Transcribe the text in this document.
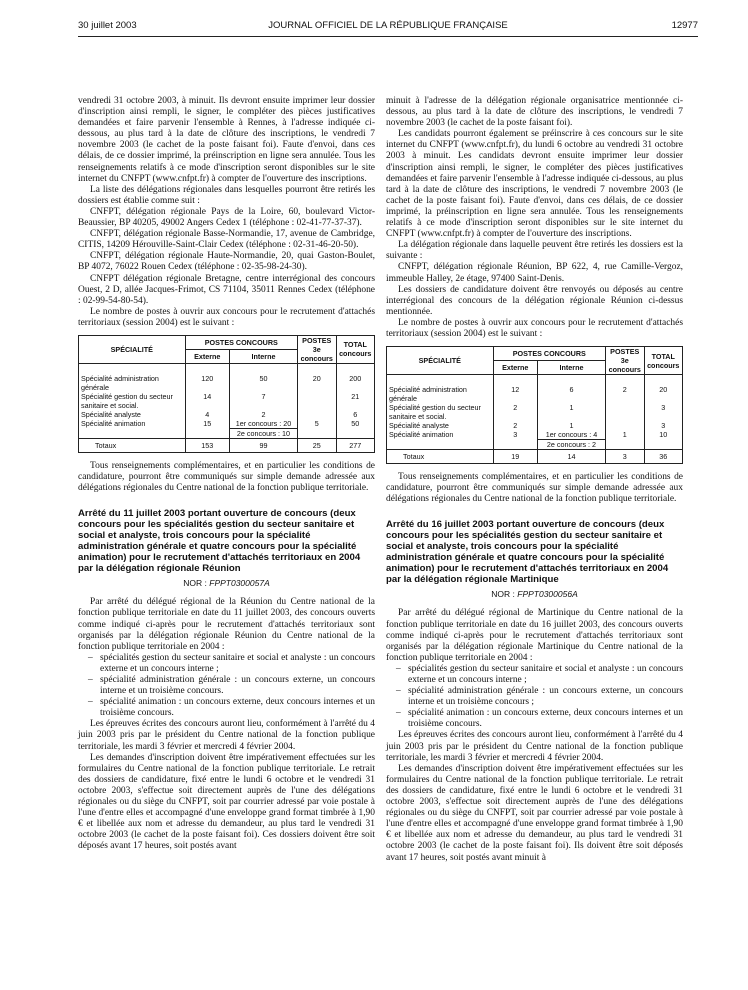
30 juillet 2003	JOURNAL OFFICIEL DE LA RÉPUBLIQUE FRANÇAISE	12977

vendredi 31 octobre 2003, à minuit. Ils devront ensuite imprimer leur dossier d'inscription ainsi rempli, le signer, le compléter des pièces justificatives demandées et faire parvenir l'ensemble à Rennes, à l'adresse indiquée ci-dessous, au plus tard à la date de clôture des inscriptions, le vendredi 7 novembre 2003 (le cachet de la poste faisant foi). Faute d'envoi, dans ces délais, de ce dossier imprimé, la préinscription en ligne sera annulée. Tous les renseignements relatifs à ce mode d'inscription seront disponibles sur le site internet du CNFPT (www.cnfpt.fr) à compter de l'ouverture des inscriptions.

La liste des délégations régionales dans lesquelles pourront être retirés les dossiers est établie comme suit :

CNFPT, délégation régionale Pays de la Loire, 60, boulevard Victor-Beaussier, BP 40205, 49002 Angers Cedex 1 (téléphone : 02-41-77-37-37).

CNFPT, délégation régionale Basse-Normandie, 17, avenue de Cambridge, CITIS, 14209 Hérouville-Saint-Clair Cedex (téléphone : 02-31-46-20-50).

CNFPT, délégation régionale Haute-Normandie, 20, quai Gaston-Boulet, BP 4072, 76022 Rouen Cedex (téléphone : 02-35-98-24-30).

CNFPT délégation régionale Bretagne, centre interrégional des concours Ouest, 2 D, allée Jacques-Frimot, CS 71104, 35011 Rennes Cedex (téléphone : 02-99-54-80-54).

Le nombre de postes à ouvrir aux concours pour le recrutement d'attachés territoriaux (session 2004) est le suivant :

SPÉCIALITÉ	POSTES CONCOURS		POSTES 3e concours	TOTAL concours
	Externe	Interne		

Spécialité administration générale	120	50	20	200
Spécialité gestion du secteur sanitaire et social.	14	7		21
Spécialité analyste	4	2		6
Spécialité animation	15	1er concours : 20	5	50
		2e concours : 10		
Totaux	153	99	25	277

Tous renseignements complémentaires, et en particulier les conditions de candidature, pourront être communiqués sur simple demande adressée aux délégations régionales du Centre national de la fonction publique territoriale.

Arrêté du 11 juillet 2003 portant ouverture de concours (deux concours pour les spécialités gestion du secteur sanitaire et social et analyste, trois concours pour la spécialité administration générale et quatre concours pour la spécialité animation) pour le recrutement d'attachés territoriaux en 2004 par la délégation régionale Réunion
NOR : FPPT0300057A

Par arrêté du délégué régional de la Réunion du Centre national de la fonction publique territoriale en date du 11 juillet 2003, des concours ouverts comme indiqué ci-après pour le recrutement d'attachés territoriaux sont organisés par la délégation régionale Réunion du Centre national de la fonction publique territoriale en 2004 :

– spécialités gestion du secteur sanitaire et social et analyste : un concours externe et un concours interne ;
– spécialité administration générale : un concours externe, un concours interne et un troisième concours.
– spécialité animation : un concours externe, deux concours internes et un troisième concours.

Les épreuves écrites des concours auront lieu, conformément à l'arrêté du 4 juin 2003 pris par le président du Centre national de la fonction publique territoriale, les mardi 3 février et mercredi 4 février 2004.

Les demandes d'inscription doivent être impérativement effectuées sur les formulaires du Centre national de la fonction publique territoriale. Le retrait des dossiers de candidature, fixé entre le lundi 6 octobre et le vendredi 31 octobre 2003, s'effectue soit directement auprès de l'une des délégations régionales ou du siège du CNFPT, soit par courrier adressé par voie postale à l'une d'entre elles et accompagné d'une enveloppe grand format timbrée à 1,90 € et libellée aux nom et adresse du demandeur, au plus tard le vendredi 31 octobre 2003 (le cachet de la poste faisant foi). Ces dossiers doivent être soit déposés avant 17 heures, soit postés avant

minuit à l'adresse de la délégation régionale organisatrice mentionnée ci-dessous, au plus tard à la date de clôture des inscriptions, le vendredi 7 novembre 2003 (le cachet de la poste faisant foi).

Les candidats pourront également se préinscrire à ces concours sur le site internet du CNFPT (www.cnfpt.fr), du lundi 6 octobre au vendredi 31 octobre 2003 à minuit. Les candidats devront ensuite imprimer leur dossier d'inscription ainsi rempli, le signer, le compléter des pièces justificatives demandées et faire parvenir l'ensemble à l'adresse indiquée ci-dessous, au plus tard à la date de clôture des inscriptions, le vendredi 7 novembre 2003 (le cachet de la poste faisant foi). Faute d'envoi, dans ces délais, de ce dossier imprimé, la préinscription en ligne sera annulée. Tous les renseignements relatifs à ce mode d'inscription seront disponibles sur le site internet du CNFPT (www.cnfpt.fr) à compter de l'ouverture des inscriptions.

La délégation régionale dans laquelle peuvent être retirés les dossiers est la suivante :

CNFPT, délégation régionale Réunion, BP 622, 4, rue Camille-Vergoz, immeuble Halley, 2e étage, 97400 Saint-Denis.

Les dossiers de candidature doivent être renvoyés ou déposés au centre interrégional des concours de la délégation régionale Réunion ci-dessus mentionnée.

Le nombre de postes à ouvrir aux concours pour le recrutement d'attachés territoriaux (session 2004) est le suivant :

SPÉCIALITÉ	POSTES CONCOURS		POSTES 3e concours	TOTAL concours
	Externe	Interne		

Spécialité administration générale	12	6	2	20
Spécialité gestion du secteur sanitaire et social.	2	1		3
Spécialité analyste	2	1		3
Spécialité animation	3	1er concours : 4	1	10
		2e concours : 2		
Totaux	19	14	3	36

Tous renseignements complémentaires, et en particulier les conditions de candidature, pourront être communiqués sur simple demande adressée aux délégations régionales du Centre national de la fonction publique territoriale.

Arrêté du 16 juillet 2003 portant ouverture de concours (deux concours pour les spécialités gestion du secteur sanitaire et social et analyste, trois concours pour la spécialité administration générale et quatre concours pour la spécialité animation) pour le recrutement d'attachés territoriaux en 2004 par la délégation régionale Martinique
NOR : FPPT0300056A

Par arrêté du délégué régional de Martinique du Centre national de la fonction publique territoriale en date du 16 juillet 2003, des concours ouverts comme indiqué ci-après pour le recrutement d'attachés territoriaux sont organisés par la délégation régionale Martinique du Centre national de la fonction publique territoriale en 2004 :

– spécialités gestion du secteur sanitaire et social et analyste : un concours externe et un concours interne ;
– spécialité administration générale : un concours externe, un concours interne et un troisième concours ;
– spécialité animation : un concours externe, deux concours internes et un troisième concours.

Les épreuves écrites des concours auront lieu, conformément à l'arrêté du 4 juin 2003 pris par le président du Centre national de la fonction publique territoriale, les mardi 3 février et mercredi 4 février 2004.

Les demandes d'inscription doivent être impérativement effectuées sur les formulaires du Centre national de la fonction publique territoriale. Le retrait des dossiers de candidature, fixé entre le lundi 6 octobre et le vendredi 31 octobre 2003, s'effectue soit directement auprès de l'une des délégations régionales ou du siège du CNFPT, soit par courrier adressé par voie postale à l'une d'entre elles et accompagné d'une enveloppe grand format timbrée à 1,90 € et libellée aux nom et adresse du demandeur, au plus tard le vendredi 31 octobre 2003 (le cachet de la poste faisant foi). Ils doivent être soit déposés avant 17 heures, soit postés avant minuit à
